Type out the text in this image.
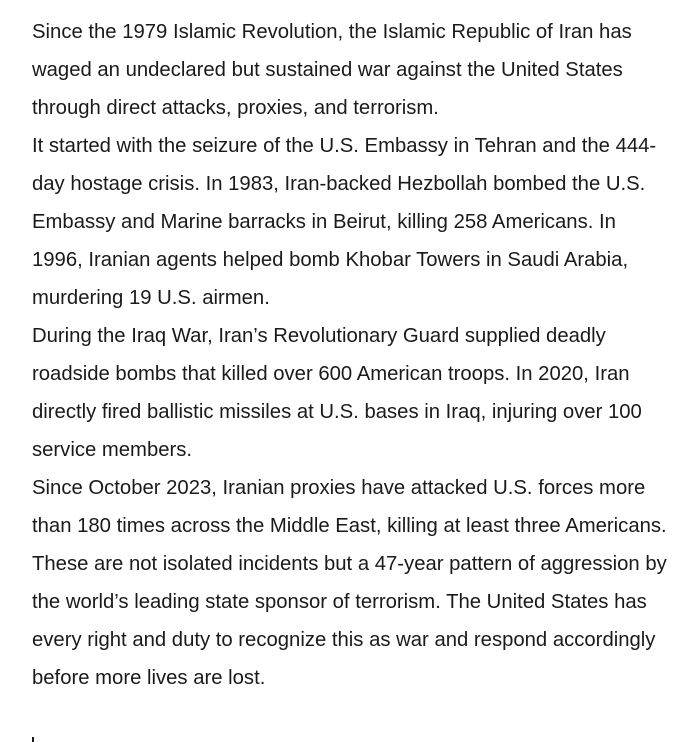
Since the 1979 Islamic Revolution, the Islamic Republic of Iran has waged an undeclared but sustained war against the United States through direct attacks, proxies, and terrorism.

It started with the seizure of the U.S. Embassy in Tehran and the 444-day hostage crisis. In 1983, Iran-backed Hezbollah bombed the U.S. Embassy and Marine barracks in Beirut, killing 258 Americans. In 1996, Iranian agents helped bomb Khobar Towers in Saudi Arabia, murdering 19 U.S. airmen.

During the Iraq War, Iran’s Revolutionary Guard supplied deadly roadside bombs that killed over 600 American troops. In 2020, Iran directly fired ballistic missiles at U.S. bases in Iraq, injuring over 100 service members.

Since October 2023, Iranian proxies have attacked U.S. forces more than 180 times across the Middle East, killing at least three Americans.

These are not isolated incidents but a 47-year pattern of aggression by the world’s leading state sponsor of terrorism. The United States has every right and duty to recognize this as war and respond accordingly before more lives are lost.
